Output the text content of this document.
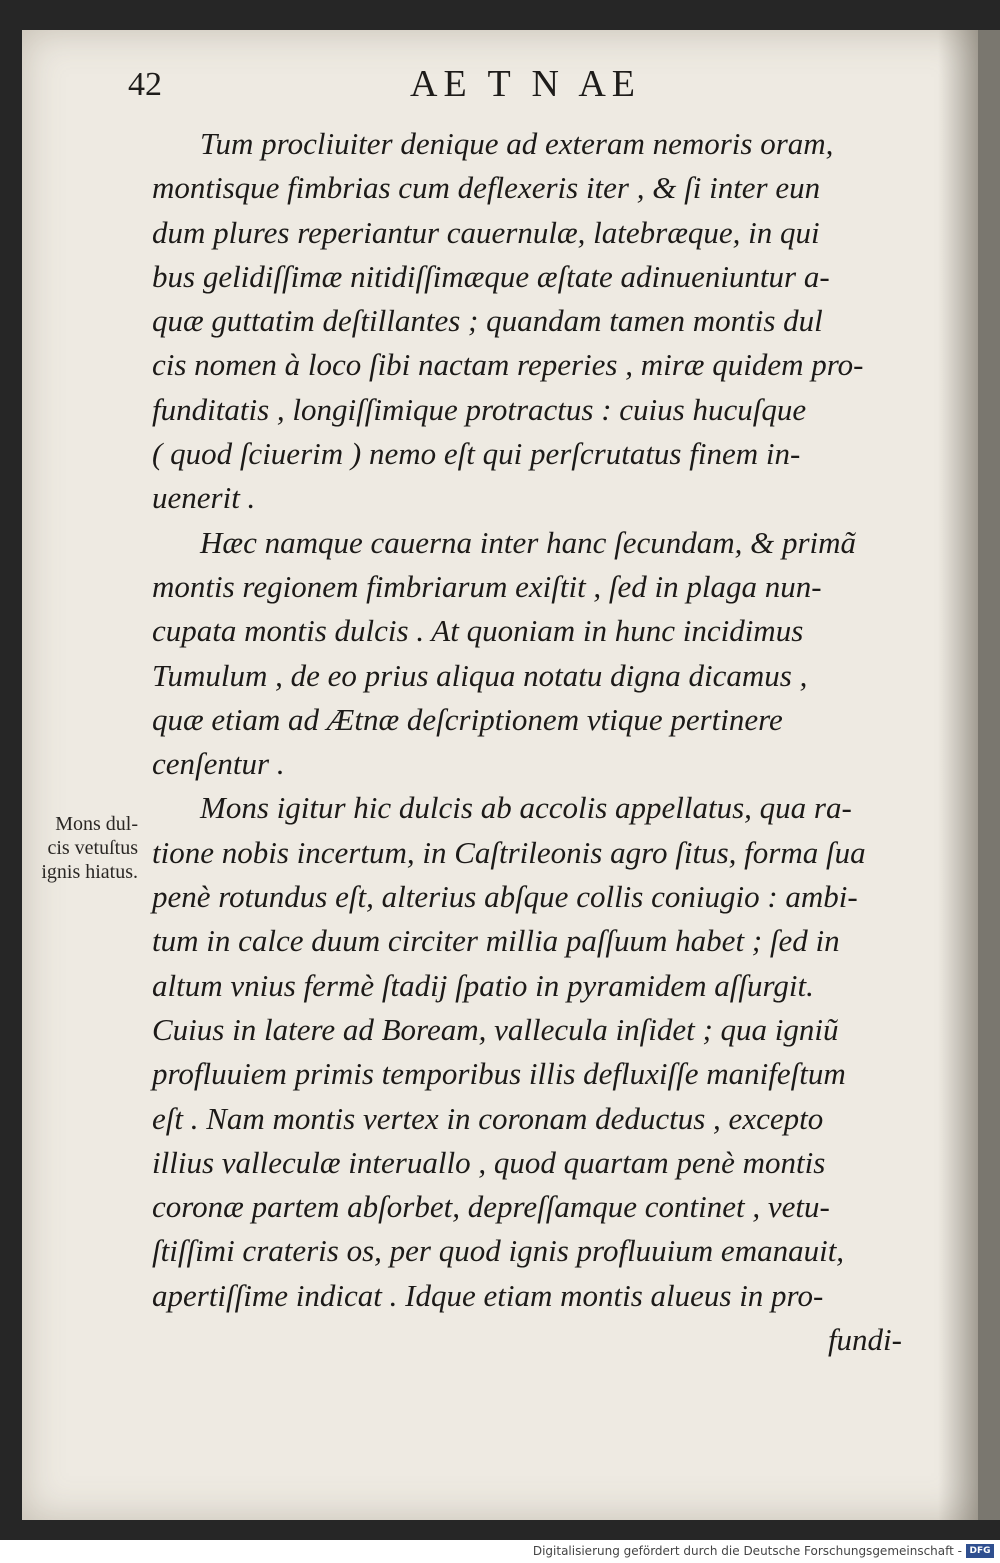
42	AE T N AE
Mons dul-
cis vetuſtus
ignis hiatus.
Tum procliuiter denique ad exteram nemoris oram,
montisque fimbrias cum deflexeris iter , & ſi inter eun
dum plures reperiantur cauernulæ, latebræque, in qui
bus gelidiſſimæ nitidiſſimæque æſtate adinueniuntur a-
quæ guttatim deſtillantes ; quandam tamen montis dul
cis nomen à loco ſibi nactam reperies , miræ quidem pro-
funditatis , longiſſimique protractus : cuius hucuſque
( quod ſciuerim ) nemo eſt qui perſcrutatus finem in-
uenerit .
Hæc namque cauerna inter hanc ſecundam, & primã
montis regionem fimbriarum exiſtit , ſed in plaga nun-
cupata montis dulcis . At quoniam in hunc incidimus
Tumulum , de eo prius aliqua notatu digna dicamus ,
quæ etiam ad Ætnæ deſcriptionem vtique pertinere
cenſentur .
Mons igitur hic dulcis ab accolis appellatus, qua ra-
tione nobis incertum, in Caſtrileonis agro ſitus, forma ſua
penè rotundus eſt, alterius abſque collis coniugio : ambi-
tum in calce duum circiter millia paſſuum habet ; ſed in
altum vnius fermè ſtadij ſpatio in pyramidem aſſurgit.
Cuius in latere ad Boream, vallecula inſidet ; qua igniũ
profluuiem primis temporibus illis defluxiſſe manifeſtum
eſt . Nam montis vertex in coronam deductus , excepto
illius valleculæ interuallo , quod quartam penè montis
coronæ partem abſorbet, depreſſamque continet , vetu-
ſtiſſimi crateris os, per quod ignis profluuium emanauit,
apertiſſime indicat . Idque etiam montis alueus in pro-
fundi-
Digitalisierung gefördert durch die Deutsche Forschungsgemeinschaft - DFG
